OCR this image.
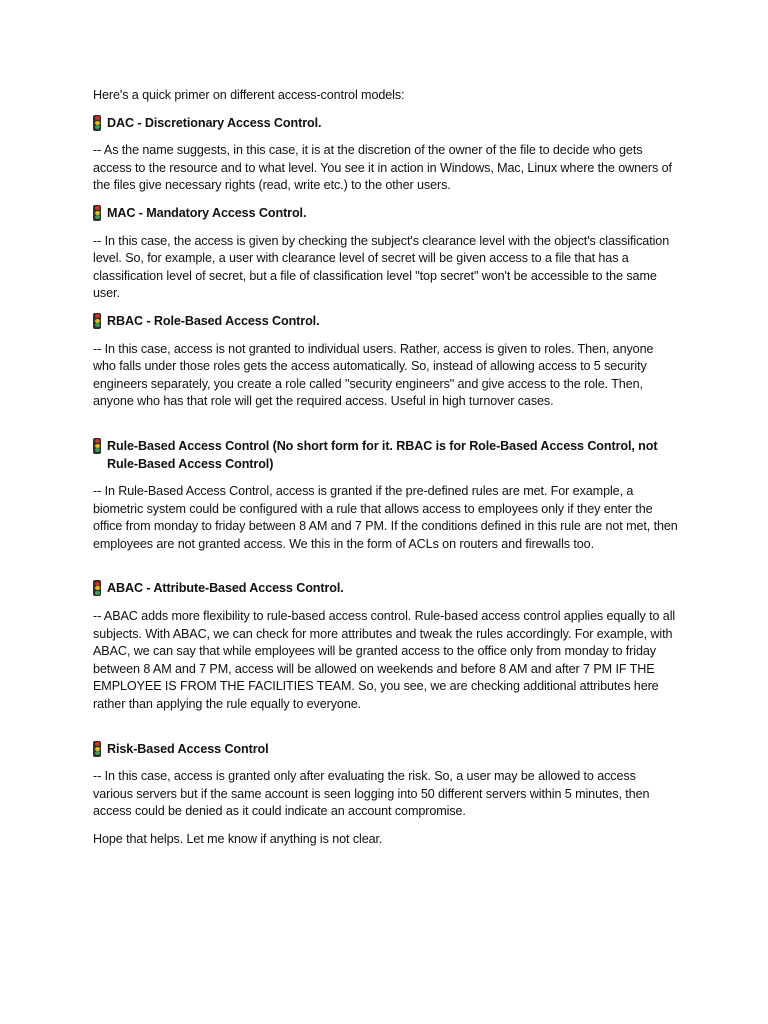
Here's a quick primer on different access-control models:

DAC - Discretionary Access Control.

-- As the name suggests, in this case, it is at the discretion of the owner of the file to decide who gets access to the resource and to what level. You see it in action in Windows, Mac, Linux where the owners of the files give necessary rights (read, write etc.) to the other users.

MAC - Mandatory Access Control.

-- In this case, the access is given by checking the subject's clearance level with the object's classification level. So, for example, a user with clearance level of secret will be given access to a file that has a classification level of secret, but a file of classification level "top secret" won't be accessible to the same user.

RBAC - Role-Based Access Control.

-- In this case, access is not granted to individual users. Rather, access is given to roles. Then, anyone who falls under those roles gets the access automatically. So, instead of allowing access to 5 security engineers separately, you create a role called "security engineers" and give access to the role. Then, anyone who has that role will get the required access. Useful in high turnover cases.

Rule-Based Access Control (No short form for it. RBAC is for Role-Based Access Control, not Rule-Based Access Control)

-- In Rule-Based Access Control, access is granted if the pre-defined rules are met. For example, a biometric system could be configured with a rule that allows access to employees only if they enter the office from monday to friday between 8 AM and 7 PM. If the conditions defined in this rule are not met, then employees are not granted access. We this in the form of ACLs on routers and firewalls too.

ABAC - Attribute-Based Access Control.

-- ABAC adds more flexibility to rule-based access control. Rule-based access control applies equally to all subjects. With ABAC, we can check for more attributes and tweak the rules accordingly. For example, with ABAC, we can say that while employees will be granted access to the office only from monday to friday between 8 AM and 7 PM, access will be allowed on weekends and before 8 AM and after 7 PM IF THE EMPLOYEE IS FROM THE FACILITIES TEAM. So, you see, we are checking additional attributes here rather than applying the rule equally to everyone.

Risk-Based Access Control

-- In this case, access is granted only after evaluating the risk. So, a user may be allowed to access various servers but if the same account is seen logging into 50 different servers within 5 minutes, then access could be denied as it could indicate an account compromise.

Hope that helps. Let me know if anything is not clear.
